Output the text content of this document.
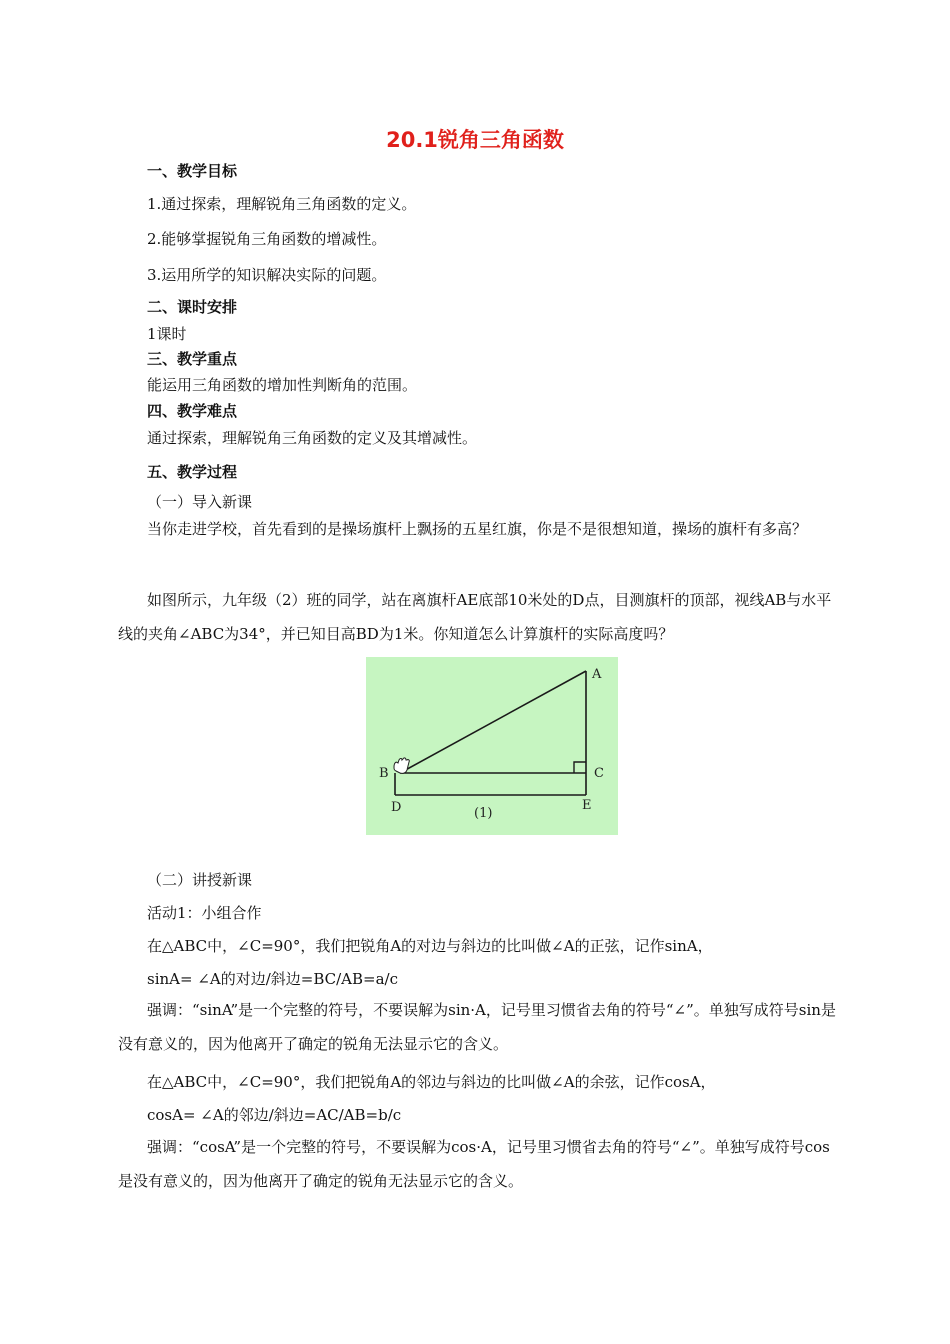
20.1锐角三角函数
一、教学目标

1.通过探索，理解锐角三角函数的定义。

2.能够掌握锐角三角函数的增减性。

3.运用所学的知识解决实际的问题。

二、课时安排

1课时

三、教学重点

能运用三角函数的增加性判断角的范围。

四、教学难点

通过探索，理解锐角三角函数的定义及其增减性。

五、教学过程

（一）导入新课

当你走进学校，首先看到的是操场旗杆上飘扬的五星红旗，你是不是很想知道，操场的旗杆有多高？

如图所示，九年级（2）班的同学，站在离旗杆AE底部10米处的D点，目测旗杆的顶部，视线AB与水平线的夹角∠ABC为34°，并已知目高BD为1米。你知道怎么计算旗杆的实际高度吗？

A
B	C
D	E
(1)

（二）讲授新课

活动1：小组合作

在△ABC中，∠C=90°，我们把锐角A的对边与斜边的比叫做∠A的正弦，记作sinA，

sinA= ∠A的对边/斜边=BC/AB=a/c

强调：“sinA”是一个完整的符号，不要误解为sin·A，记号里习惯省去角的符号“∠”。单独写成符号sin是没有意义的，因为他离开了确定的锐角无法显示它的含义。

在△ABC中，∠C=90°，我们把锐角A的邻边与斜边的比叫做∠A的余弦，记作cosA，

cosA= ∠A的邻边/斜边=AC/AB=b/c

强调：“cosA”是一个完整的符号，不要误解为cos·A，记号里习惯省去角的符号“∠”。单独写成符号cos是没有意义的，因为他离开了确定的锐角无法显示它的含义。
